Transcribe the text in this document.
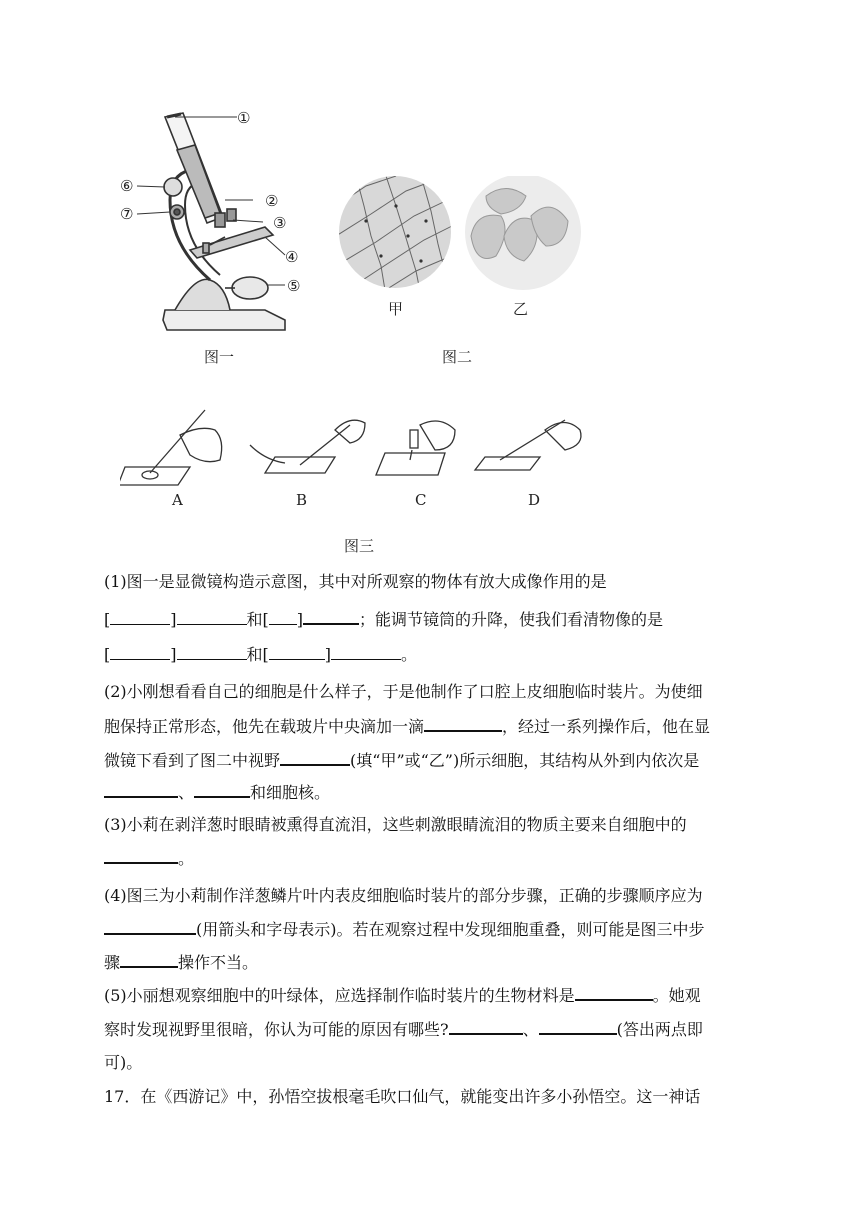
①
②
③
④
⑤
⑥
⑦
图一
甲	乙
图二
A	B	C	D
图三
(1)图一是显微镜构造示意图，其中对所观察的物体有放大成像作用的是
[	]	和[ ]	；能调节镜筒的升降，使我们看清物像的是
[	]	和[	]	。
(2)小刚想看看自己的细胞是什么样子，于是他制作了口腔上皮细胞临时装片。为使细
胞保持正常形态，他先在载玻片中央滴加一滴	，经过一系列操作后，他在显
微镜下看到了图二中视野	(填“甲”或“乙”)所示细胞，其结构从外到内依次是
、	和细胞核。
(3)小莉在剥洋葱时眼睛被熏得直流泪，这些刺激眼睛流泪的物质主要来自细胞中的
。
(4)图三为小莉制作洋葱鳞片叶内表皮细胞临时装片的部分步骤，正确的步骤顺序应为
(用箭头和字母表示)。若在观察过程中发现细胞重叠，则可能是图三中步
骤	操作不当。
(5)小丽想观察细胞中的叶绿体，应选择制作临时装片的生物材料是	。她观
察时发现视野里很暗，你认为可能的原因有哪些?	、	(答出两点即
可)。
17．在《西游记》中，孙悟空拔根毫毛吹口仙气，就能变出许多小孙悟空。这一神话
